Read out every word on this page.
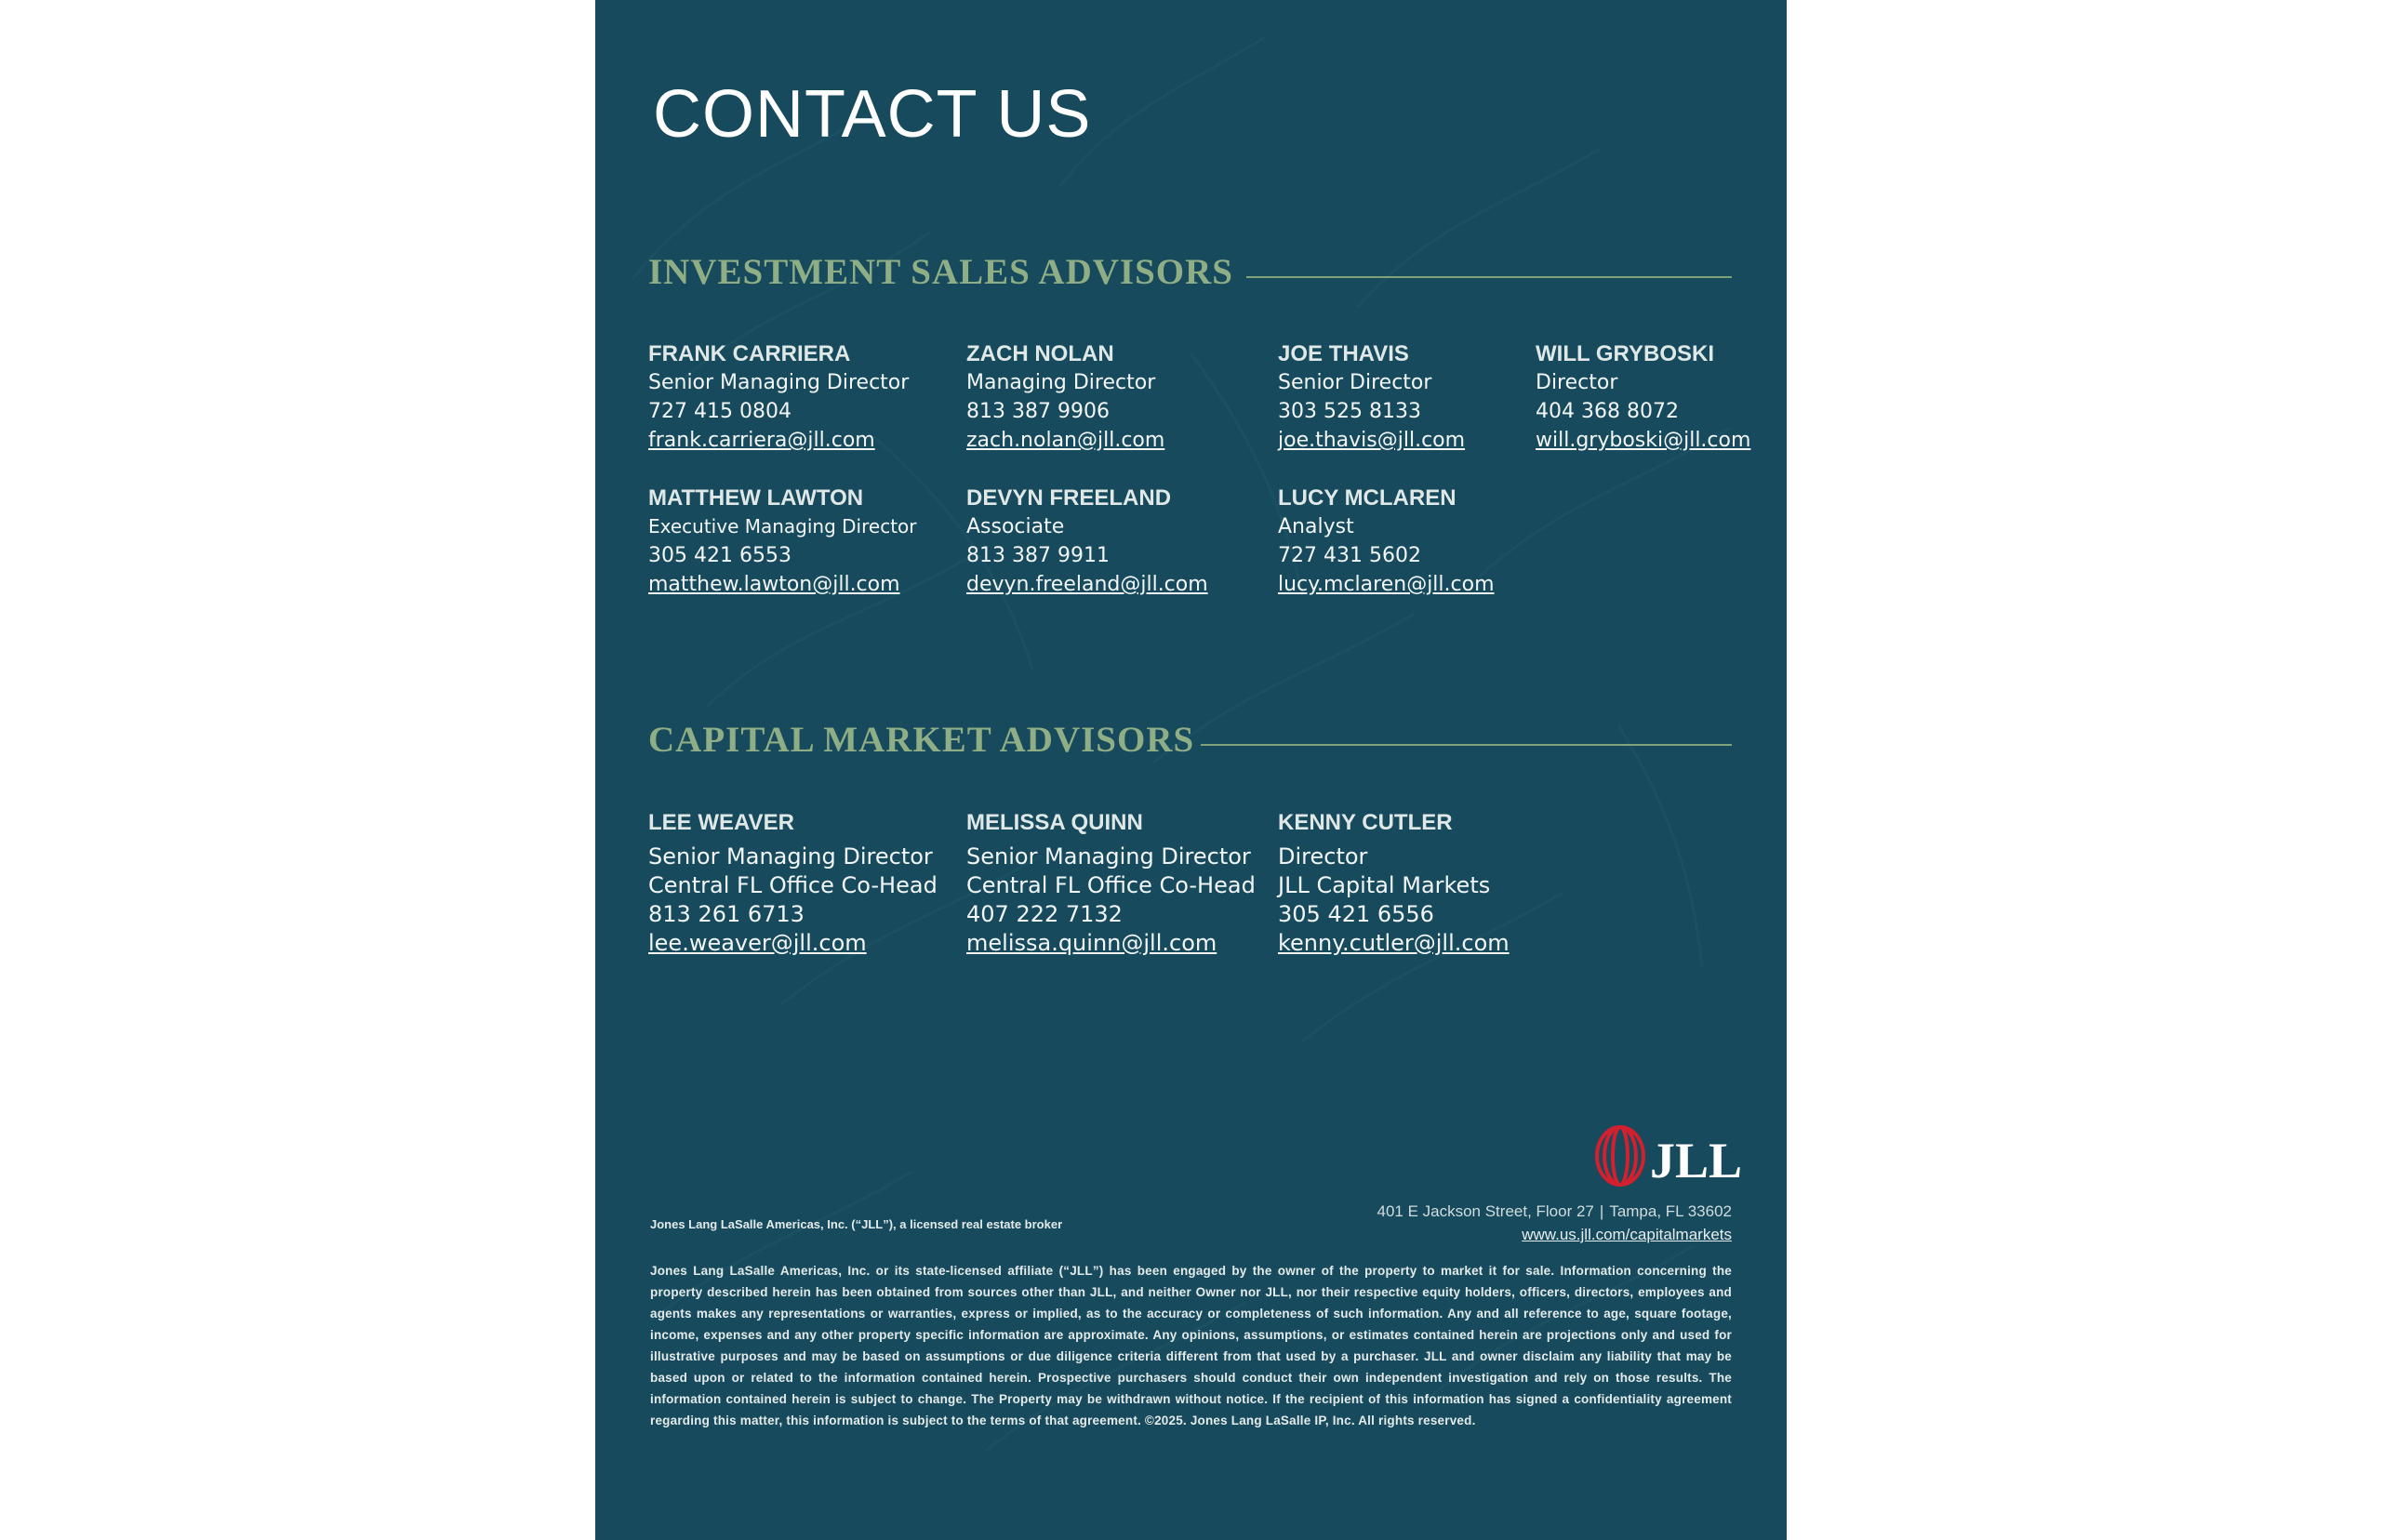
CONTACT US
INVESTMENT SALES ADVISORS
FRANK CARRIERA
Senior Managing Director
727 415 0804
frank.carriera@jll.com
ZACH NOLAN
Managing Director
813 387 9906
zach.nolan@jll.com
JOE THAVIS
Senior Director
303 525 8133
joe.thavis@jll.com
WILL GRYBOSKI
Director
404 368 8072
will.gryboski@jll.com
MATTHEW LAWTON
Executive Managing Director
305 421 6553
matthew.lawton@jll.com
DEVYN FREELAND
Associate
813 387 9911
devyn.freeland@jll.com
LUCY MCLAREN
Analyst
727 431 5602
lucy.mclaren@jll.com
CAPITAL MARKET ADVISORS
LEE WEAVER
Senior Managing Director
Central FL Office Co-Head
813 261 6713
lee.weaver@jll.com
MELISSA QUINN
Senior Managing Director
Central FL Office Co-Head
407 222 7132
melissa.quinn@jll.com
KENNY CUTLER
Director
JLL Capital Markets
305 421 6556
kenny.cutler@jll.com
JLL
401 E Jackson Street, Floor 27 | Tampa, FL 33602
www.us.jll.com/capitalmarkets
Jones Lang LaSalle Americas, Inc. (“JLL”), a licensed real estate broker

Jones Lang LaSalle Americas, Inc. or its state-licensed affiliate (“JLL”) has been engaged by the owner of the property to market it for sale. Information concerning the property described herein has been obtained from sources other than JLL, and neither Owner nor JLL, nor their respective equity holders, officers, directors, employees and agents makes any representations or warranties, express or implied, as to the accuracy or completeness of such information. Any and all reference to age, square footage, income, expenses and any other property specific information are approximate. Any opinions, assumptions, or estimates contained herein are projections only and used for illustrative purposes and may be based on assumptions or due diligence criteria different from that used by a purchaser. JLL and owner disclaim any liability that may be based upon or related to the information contained herein. Prospective purchasers should conduct their own independent investigation and rely on those results. The information contained herein is subject to change. The Property may be withdrawn without notice. If the recipient of this information has signed a confidentiality agreement regarding this matter, this information is subject to the terms of that agreement. ©2025. Jones Lang LaSalle IP, Inc. All rights reserved.
